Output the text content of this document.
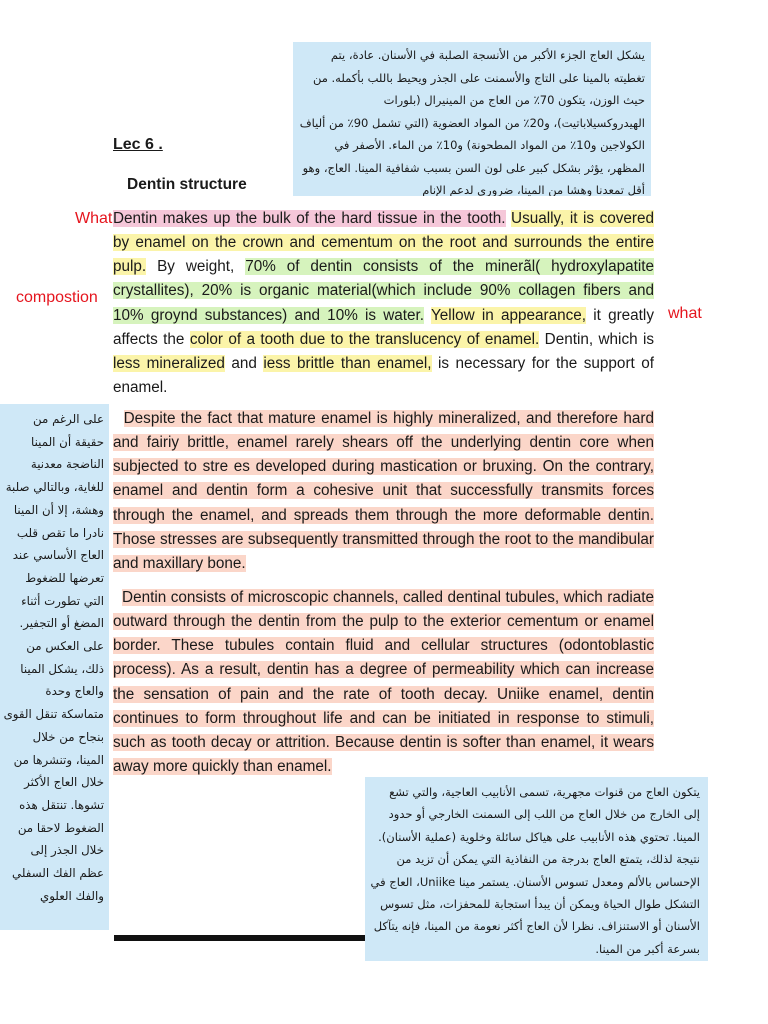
يشكل العاج الجزء الأكبر من الأنسجة الصلبة في الأسنان. عادة، يتم تغطيته بالمينا على التاج والأسمنت على الجذر ويحيط باللب بأكمله. من حيث الوزن، يتكون 70٪ من العاج من المينيرال (بلورات الهيدروكسيلاباتيت)، و20٪ من المواد العضوية (التي تشمل 90٪ من ألياف الكولاجين و10٪ من المواد المطحونة) و10٪ من الماء. الأصفر في المظهر، يؤثر بشكل كبير على لون السن بسبب شفافية المينا. العاج، وهو أقل تمعدنا وهشا من المينا، ضروري لدعم الإنام
Lec 6 .
Dentin structure
What
compostion
what
Dentin makes up the bulk of the hard tissue in the tooth. Usually, it is covered by enamel on the crown and cementum on the root and surrounds the entire pulp. By weight, 70% of dentin consists of the minerãl( hydroxylapatite crystallites), 20% is organic material(which include 90% collagen fibers and 10% groynd substances) and 10% is water. Yellow in appearance, it greatly affects the color of a tooth due to the translucency of enamel. Dentin, which is less mineralized and iess brittle than enamel, is necessary for the support of enamel.
Despite the fact that mature enamel is highly mineralized, and therefore hard and fairiy brittle, enamel rarely shears off the underlying dentin core when subjected to stre es developed during mastication or bruxing. On the contrary, enamel and dentin form a cohesive unit that successfully transmits forces through the enamel, and spreads them through the more deformable dentin. Those stresses are subsequently transmitted through the root to the mandibular and maxillary bone.
Dentin consists of microscopic channels, called dentinal tubules, which radiate outward through the dentin from the pulp to the exterior cementum or enamel border. These tubules contain fluid and cellular structures (odontoblastic process). As a result, dentin has a degree of permeability which can increase the sensation of pain and the rate of tooth decay. Uniike enamel, dentin continues to form throughout life and can be initiated in response to stimuli, such as tooth decay or attrition. Because dentin is softer than enamel, it wears away more quickly than enamel.
على الرغم من حقيقة أن المينا الناضجة معدنية للغاية، وبالتالي صلبة وهشة، إلا أن المينا نادرا ما تقص قلب العاج الأساسي عند تعرضها للضغوط التي تطورت أثناء المضغ أو التجفير. على العكس من ذلك، يشكل المينا والعاج وحدة متماسكة تنقل القوى بنجاح من خلال المينا، وتنشرها من خلال العاج الأكثر تشوها. تنتقل هذه الضغوط لاحقا من خلال الجذر إلى عظم الفك السفلي والفك العلوي
يتكون العاج من قنوات مجهرية، تسمى الأنابيب العاجية، والتي تشع إلى الخارج من خلال العاج من اللب إلى السمنت الخارجي أو حدود المينا. تحتوي هذه الأنابيب على هياكل سائلة وخلوية (عملية الأسنان). نتيجة لذلك، يتمتع العاج بدرجة من النفاذية التي يمكن أن تزيد من الإحساس بالألم ومعدل تسوس الأسنان. يستمر مينا Uniike، العاج في التشكل طوال الحياة ويمكن أن يبدأ استجابة للمحفزات، مثل تسوس الأسنان أو الاستنزاف. نظرا لأن العاج أكثر نعومة من المينا، فإنه يتآكل بسرعة أكبر من المينا.
